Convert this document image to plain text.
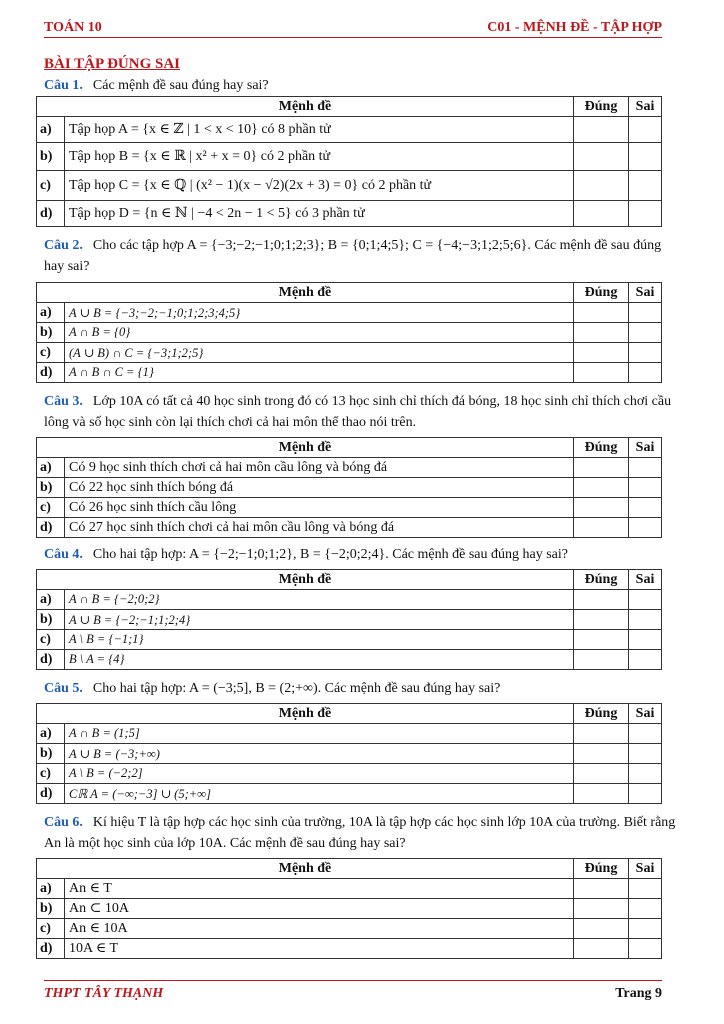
TOÁN 10	C01 - MỆNH ĐỀ - TẬP HỢP
BÀI TẬP ĐÚNG SAI
Câu 1. Các mệnh đề sau đúng hay sai?
Mệnh đề		Đúng	Sai
a)	Tập họp A = {x ∈ ℤ | 1 < x < 10} có 8 phần tử		
b)	Tập họp B = {x ∈ ℝ | x² + x = 0} có 2 phần tử		
c)	Tập họp C = {x ∈ ℚ | (x² − 1)(x − √2)(2x + 3) = 0} có 2 phần tử		
d)	Tập họp D = {n ∈ ℕ | −4 < 2n − 1 < 5} có 3 phần tử		
Câu 2. Cho các tập hợp A = {−3;−2;−1;0;1;2;3}; B = {0;1;4;5}; C = {−4;−3;1;2;5;6}. Các mệnh đề sau đúng hay sai?
Mệnh đề		Đúng	Sai
a)	A ∪ B = {−3;−2;−1;0;1;2;3;4;5}		
b)	A ∩ B = {0}		
c)	(A ∪ B) ∩ C = {−3;1;2;5}		
d)	A ∩ B ∩ C = {1}		
Câu 3. Lớp 10A có tất cả 40 học sinh trong đó có 13 học sinh chỉ thích đá bóng, 18 học sinh chỉ thích chơi cầu lông và số học sinh còn lại thích chơi cả hai môn thể thao nói trên.
Mệnh đề		Đúng	Sai
a)	Có 9 học sinh thích chơi cả hai môn cầu lông và bóng đá		
b)	Có 22 học sinh thích bóng đá		
c)	Có 26 học sinh thích cầu lông		
d)	Có 27 học sinh thích chơi cả hai môn cầu lông và bóng đá		
Câu 4. Cho hai tập hợp: A = {−2;−1;0;1;2}, B = {−2;0;2;4}. Các mệnh đề sau đúng hay sai?
Mệnh đề		Đúng	Sai
a)	A ∩ B = {−2;0;2}		
b)	A ∪ B = {−2;−1;1;2;4}		
c)	A \ B = {−1;1}		
d)	B \ A = {4}		
Câu 5. Cho hai tập hợp: A = (−3;5], B = (2;+∞). Các mệnh đề sau đúng hay sai?
Mệnh đề		Đúng	Sai
a)	A ∩ B = (1;5]		
b)	A ∪ B = (−3;+∞)		
c)	A \ B = (−2;2]		
d)	Cℝ A = (−∞;−3] ∪ (5;+∞]		
Câu 6. Kí hiệu T là tập hợp các học sinh của trường, 10A là tập hợp các học sinh lớp 10A của trường. Biết rằng An là một học sinh của lớp 10A. Các mệnh đề sau đúng hay sai?
Mệnh đề		Đúng	Sai
a)	An ∈ T		
b)	An ⊂ 10A		
c)	An ∈ 10A		
d)	10A ∈ T		
THPT TÂY THẠNH	Trang 9
